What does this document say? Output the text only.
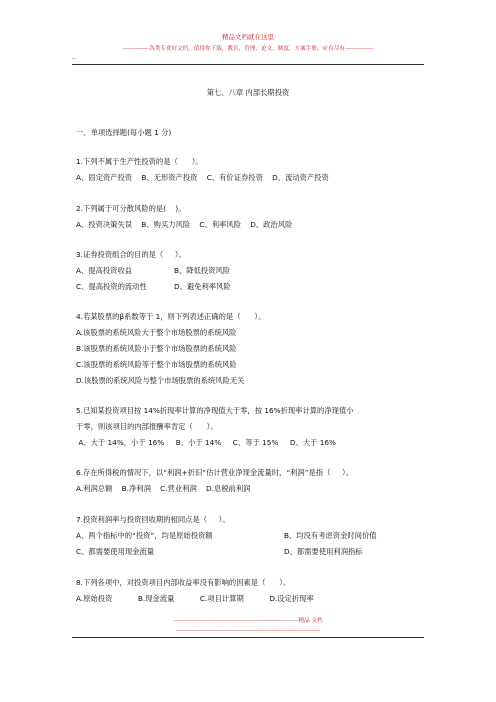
精品文档就在这里
-------------各类专业好文档，值得你下载，教育，管理，论文，制度，方案手册，应有尽有--------------
--
第七、八章 内部长期投资
一、单项选择题(每小题 1 分)
1.下列不属于生产性投资的是（      ）。
A、固定资产投资    B、无形资产投资    C、有价证券投资    D、流动资产投资
2.下列属于可分散风险的是(    )。
A、投资决策失误    B、购买力风险    C、利率风险    D、政治风险
3.证券投资组合的目的是（     ）。
A、提高投资收益	B、降低投资风险
C、提高投资的流动性	D、避免利率风险
4.若某股票的β系数等于 1，则下列表述正确的是（      ）。
A.该股票的系统风险大于整个市场股票的系统风险
B.该股票的系统风险小于整个市场股票的系统风险
C.该股票的系统风险等于整个市场股票的系统风险
D.该股票的系统风险与整个市场股票的系统风险无关
5.已知某投资项目按 14%折现率计算的净现值大于零，按 16%折现率计算的净现值小
于零，则该项目的内部报酬率肯定（      ）。
A、大于 14%，小于 16%     B、小于 14%     C、等于 15%     D、大于 16%
6.存在所得税的情况下，以“利润+折旧”估计营业净现金流量时，“利润”是指（     ）。
A.利润总额    B.净利润    C.营业利润    D.息税前利润
7.投资利润率与投资回收期的相同点是（     ）。
A、两个指标中的“投资”，均是原始投资额	B、均没有考虑资金时间价值
C、都需要使用现金流量	D、都需要使用利润指标
8.下列各项中，对投资项目内部收益率没有影响的因素是（      ）。
A.原始投资           B.现金流量           C.项目计算期           D.设定折现率
--------------------------------------------------------------精品 文档
-----------------------------------------------------------------------
